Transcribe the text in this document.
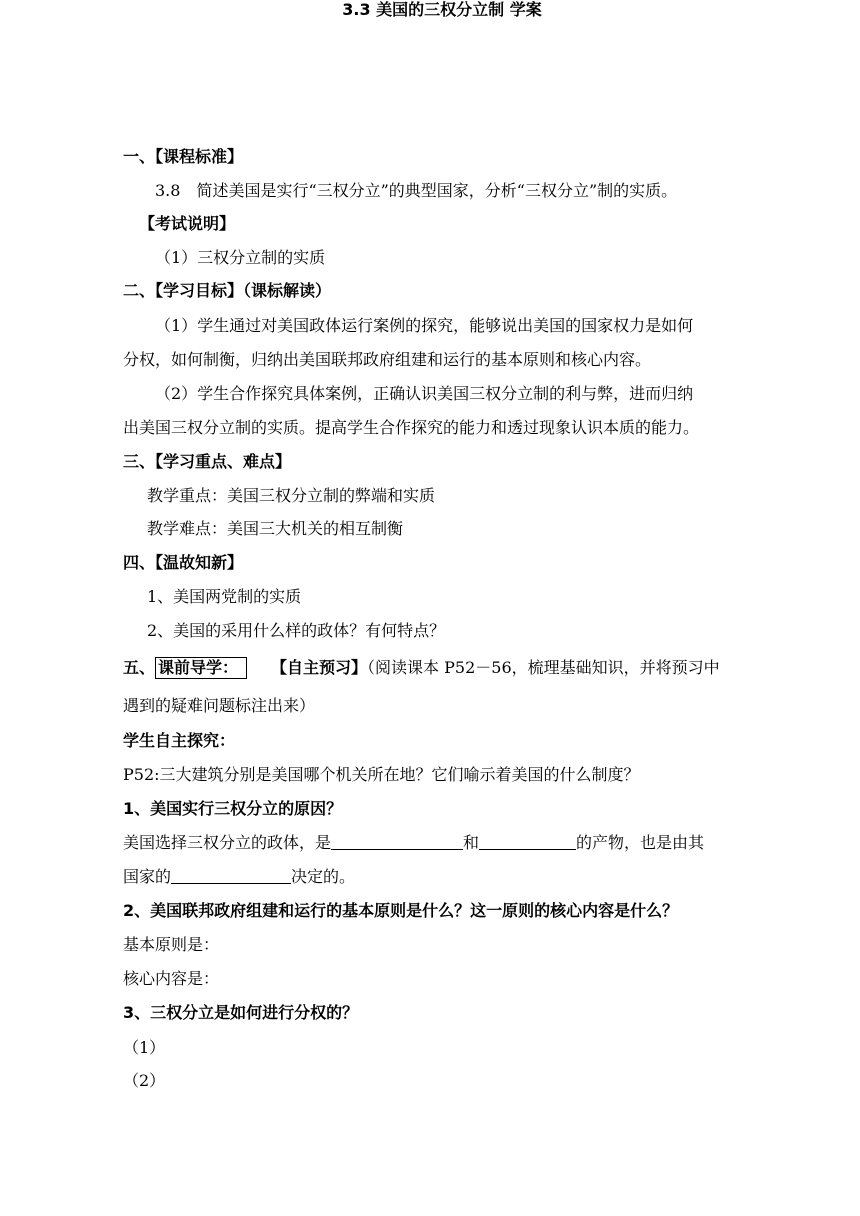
3.3 美国的三权分立制 学案
一、【课程标准】
3.8　简述美国是实行“三权分立”的典型国家，分析“三权分立”制的实质。
【考试说明】
（1）三权分立制的实质
二、【学习目标】（课标解读）
（1）学生通过对美国政体运行案例的探究，能够说出美国的国家权力是如何
分权，如何制衡，归纳出美国联邦政府组建和运行的基本原则和核心内容。
（2）学生合作探究具体案例，正确认识美国三权分立制的利与弊，进而归纳
出美国三权分立制的实质。提高学生合作探究的能力和透过现象认识本质的能力。
三、【学习重点、难点】
教学重点：美国三权分立制的弊端和实质
教学难点：美国三大机关的相互制衡
四、【温故知新】
1、美国两党制的实质
2、美国的采用什么样的政体？有何特点？
五、 课前导学： 【自主预习】（阅读课本 P52－56，梳理基础知识，并将预习中
遇到的疑难问题标注出来）
学生自主探究：
P52:三大建筑分别是美国哪个机关所在地？它们喻示着美国的什么制度？
1、美国实行三权分立的原因？
美国选择三权分立的政体，是	和	的产物，也是由其
国家的	决定的。
2、美国联邦政府组建和运行的基本原则是什么？这一原则的核心内容是什么？
基本原则是：
核心内容是：
3、三权分立是如何进行分权的？
（1）
（2）
